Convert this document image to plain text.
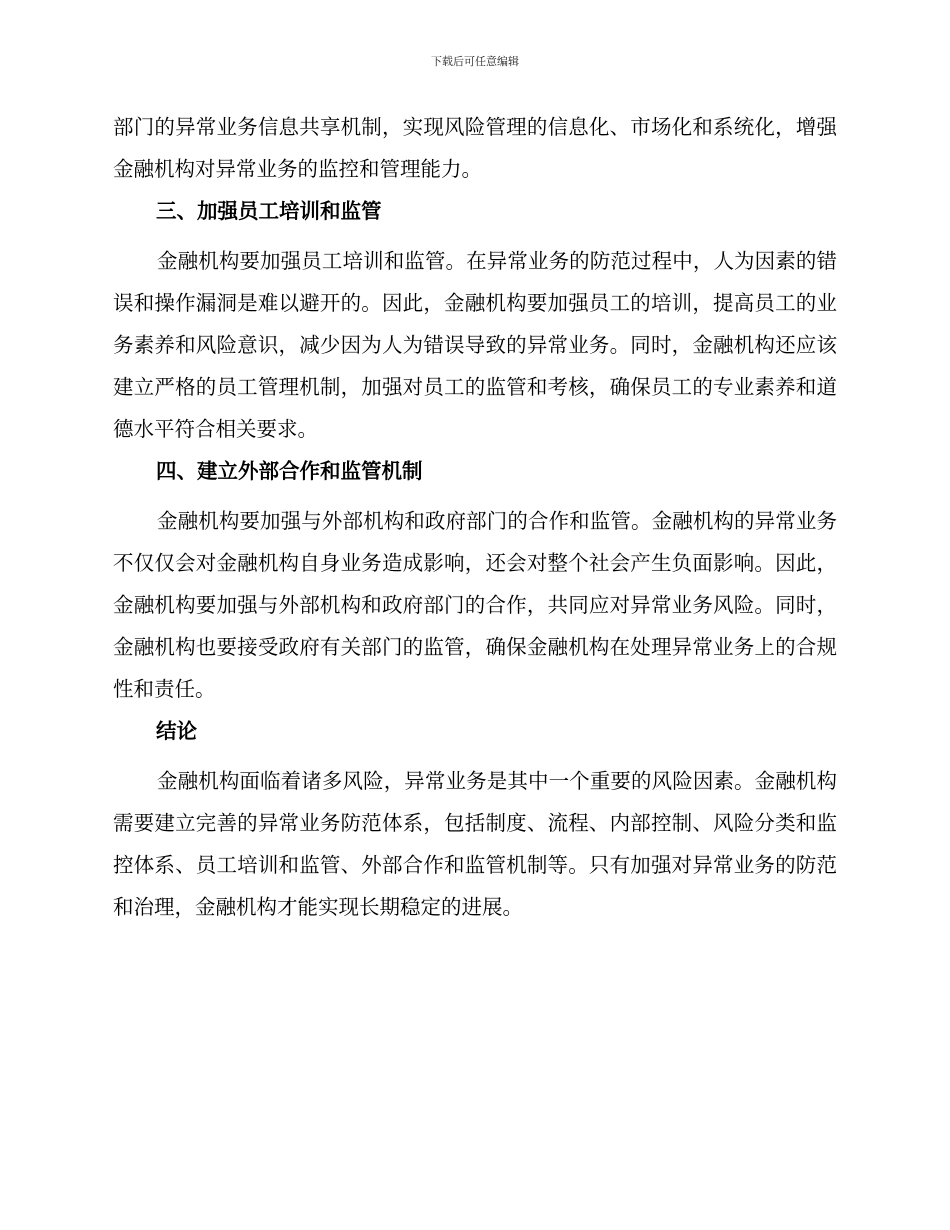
下载后可任意编辑

部门的异常业务信息共享机制，实现风险管理的信息化、市场化和系统化，增强金融机构对异常业务的监控和管理能力。

三、加强员工培训和监管

金融机构要加强员工培训和监管。在异常业务的防范过程中，人为因素的错误和操作漏洞是难以避开的。因此，金融机构要加强员工的培训，提高员工的业务素养和风险意识，减少因为人为错误导致的异常业务。同时，金融机构还应该建立严格的员工管理机制，加强对员工的监管和考核，确保员工的专业素养和道德水平符合相关要求。

四、建立外部合作和监管机制

金融机构要加强与外部机构和政府部门的合作和监管。金融机构的异常业务不仅仅会对金融机构自身业务造成影响，还会对整个社会产生负面影响。因此，金融机构要加强与外部机构和政府部门的合作，共同应对异常业务风险。同时，金融机构也要接受政府有关部门的监管，确保金融机构在处理异常业务上的合规性和责任。

结论

金融机构面临着诸多风险，异常业务是其中一个重要的风险因素。金融机构需要建立完善的异常业务防范体系，包括制度、流程、内部控制、风险分类和监控体系、员工培训和监管、外部合作和监管机制等。只有加强对异常业务的防范和治理，金融机构才能实现长期稳定的进展。
